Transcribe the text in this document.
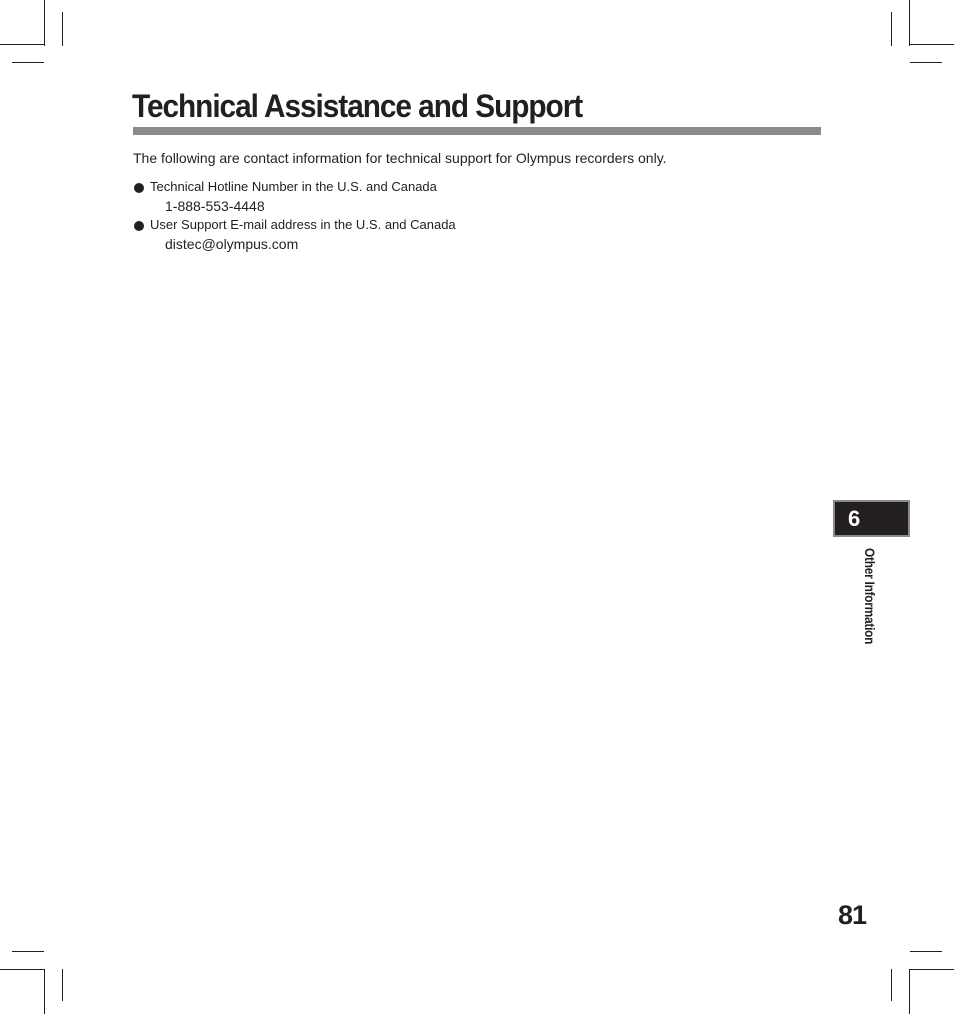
Technical Assistance and Support

The following are contact information for technical support for Olympus recorders only.

Technical Hotline Number in the U.S. and Canada
1-888-553-4448
User Support E-mail address in the U.S. and Canada
distec@olympus.com
6
Other Information
81
